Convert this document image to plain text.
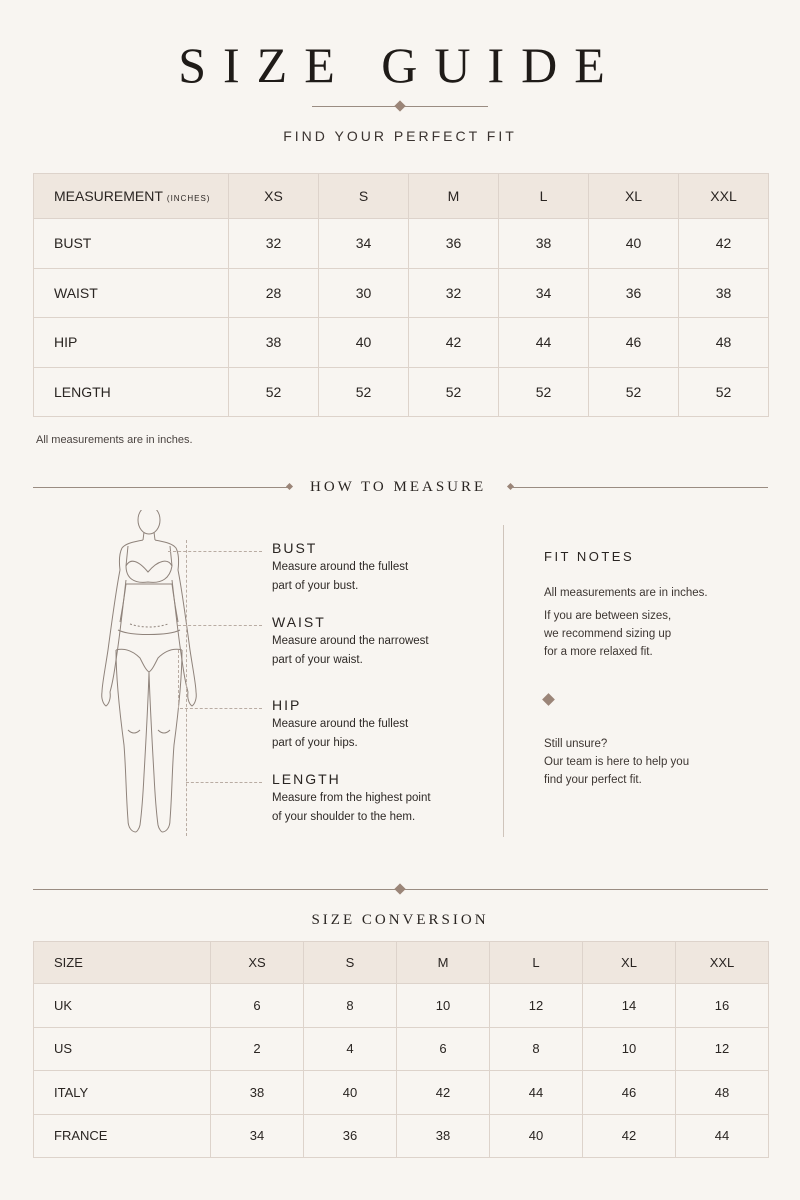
SIZE GUIDE
FIND YOUR PERFECT FIT
MEASUREMENT (INCHES)	XS	S	M	L	XL	XXL
BUST	32	34	36	38	40	42
WAIST	28	30	32	34	36	38
HIP	38	40	42	44	46	48
LENGTH	52	52	52	52	52	52
All measurements are in inches.
HOW TO MEASURE
BUST
Measure around the fullest
part of your bust.
WAIST
Measure around the narrowest
part of your waist.
HIP
Measure around the fullest
part of your hips.
LENGTH
Measure from the highest point
of your shoulder to the hem.
FIT NOTES
All measurements are in inches.
If you are between sizes,
we recommend sizing up
for a more relaxed fit.
Still unsure?
Our team is here to help you
find your perfect fit.
SIZE CONVERSION
SIZE	XS	S	M	L	XL	XXL
UK	6	8	10	12	14	16
US	2	4	6	8	10	12
ITALY	38	40	42	44	46	48
FRANCE	34	36	38	40	42	44
